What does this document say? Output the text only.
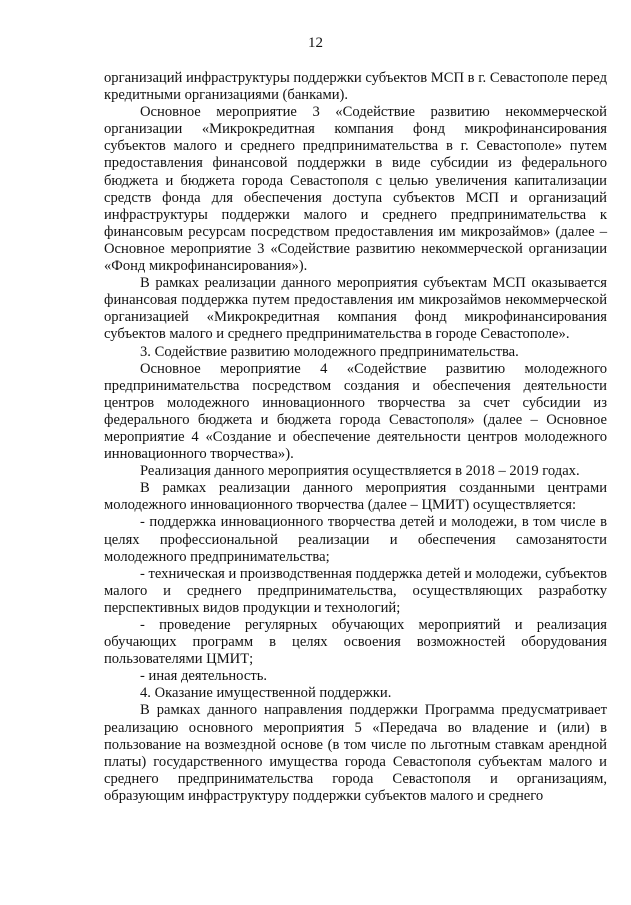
12

организаций инфраструктуры поддержки субъектов МСП в г. Севастополе перед кредитными организациями (банками).

Основное мероприятие 3 «Содействие развитию некоммерческой организации «Микрокредитная компания фонд микрофинансирования субъектов малого и среднего предпринимательства в г. Севастополе» путем предоставления финансовой поддержки в виде субсидии из федерального бюджета и бюджета города Севастополя с целью увеличения капитализации средств фонда для обеспечения доступа субъектов МСП и организаций инфраструктуры поддержки малого и среднего предпринимательства к финансовым ресурсам посредством предоставления им микрозаймов» (далее – Основное мероприятие 3 «Содействие развитию некоммерческой организации «Фонд микрофинансирования»).

В рамках реализации данного мероприятия субъектам МСП оказывается финансовая поддержка путем предоставления им микрозаймов некоммерческой организацией «Микрокредитная компания фонд микрофинансирования субъектов малого и среднего предпринимательства в городе Севастополе».

3. Содействие развитию молодежного предпринимательства.

Основное мероприятие 4 «Содействие развитию молодежного предпринимательства посредством создания и обеспечения деятельности центров молодежного инновационного творчества за счет субсидии из федерального бюджета и бюджета города Севастополя» (далее – Основное мероприятие 4 «Создание и обеспечение деятельности центров молодежного инновационного творчества»).

Реализация данного мероприятия осуществляется в 2018 – 2019 годах.

В рамках реализации данного мероприятия созданными центрами молодежного инновационного творчества (далее – ЦМИТ) осуществляется:

- поддержка инновационного творчества детей и молодежи, в том числе в целях профессиональной реализации и обеспечения самозанятости молодежного предпринимательства;

- техническая и производственная поддержка детей и молодежи, субъектов малого и среднего предпринимательства, осуществляющих разработку перспективных видов продукции и технологий;

- проведение регулярных обучающих мероприятий и реализация обучающих программ в целях освоения возможностей оборудования пользователями ЦМИТ;

- иная деятельность.

4. Оказание имущественной поддержки.

В рамках данного направления поддержки Программа предусматривает реализацию основного мероприятия 5 «Передача во владение и (или) в пользование на возмездной основе (в том числе по льготным ставкам арендной платы) государственного имущества города Севастополя субъектам малого и среднего предпринимательства города Севастополя и организациям, образующим инфраструктуру поддержки субъектов малого и среднего
